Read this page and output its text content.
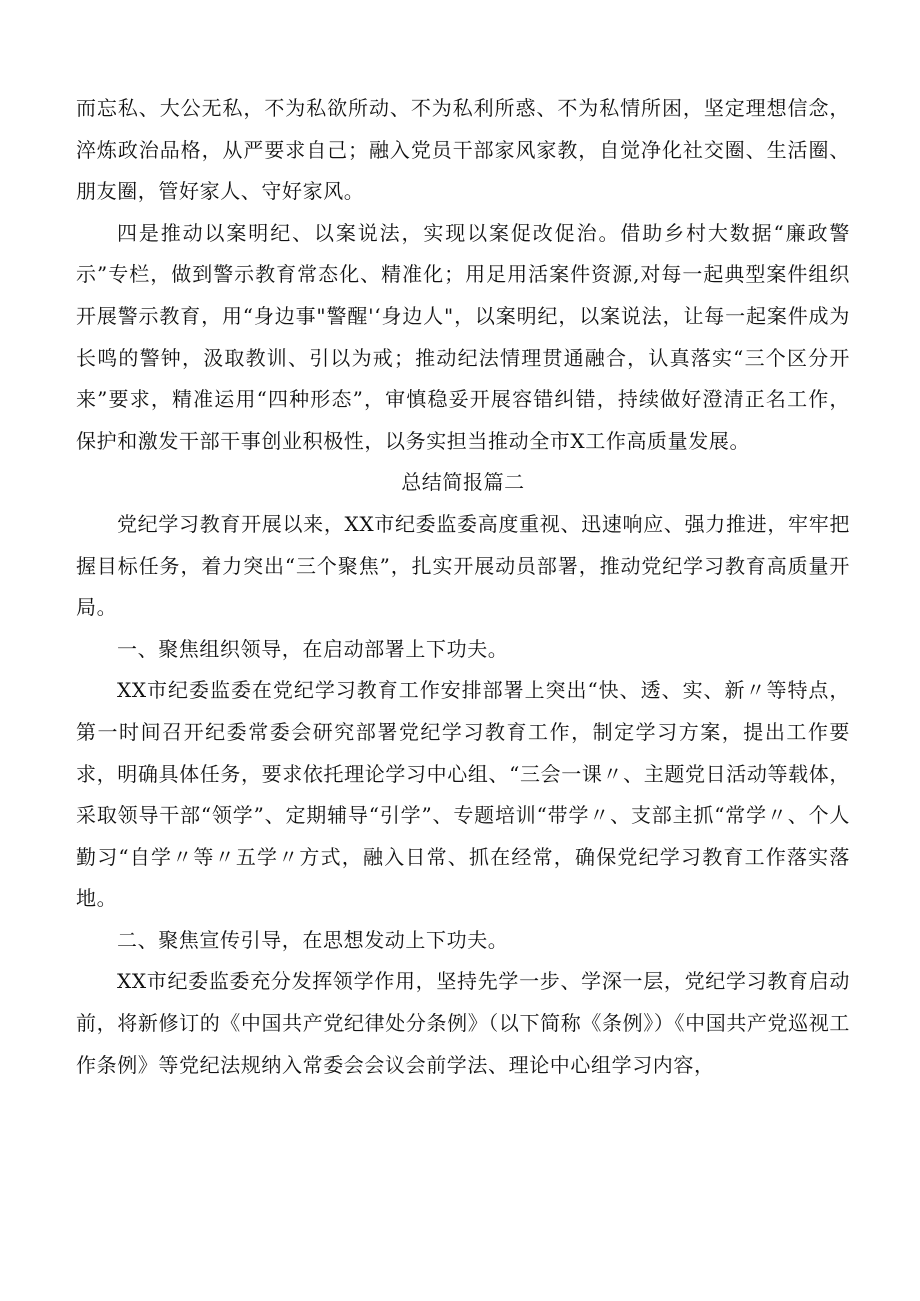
而忘私、大公无私，不为私欲所动、不为私利所惑、不为私情所困，坚定理想信念，淬炼政治品格，从严要求自己；融入党员干部家风家教，自觉净化社交圈、生活圈、朋友圈，管好家人、守好家风。

四是推动以案明纪、以案说法，实现以案促改促治。借助乡村大数据“廉政警示”专栏，做到警示教育常态化、精准化；用足用活案件资源,对每一起典型案件组织开展警示教育，用“身边事"警醒'‘身边人"，以案明纪，以案说法，让每一起案件成为长鸣的警钟，汲取教训、引以为戒；推动纪法情理贯通融合，认真落实“三个区分开来”要求，精准运用“四种形态”，审慎稳妥开展容错纠错，持续做好澄清正名工作，保护和激发干部干事创业积极性，以务实担当推动全市X工作高质量发展。

总结简报篇二

党纪学习教育开展以来，XX市纪委监委高度重视、迅速响应、强力推进，牢牢把握目标任务，着力突出“三个聚焦”，扎实开展动员部署，推动党纪学习教育高质量开局。

一、聚焦组织领导，在启动部署上下功夫。

XX市纪委监委在党纪学习教育工作安排部署上突出“快、透、实、新〃等特点，第一时间召开纪委常委会研究部署党纪学习教育工作，制定学习方案，提出工作要求，明确具体任务，要求依托理论学习中心组、“三会一课〃、主题党日活动等载体，采取领导干部“领学”、定期辅导“引学”、专题培训“带学〃、支部主抓“常学〃、个人勤习“自学〃等〃五学〃方式，融入日常、抓在经常，确保党纪学习教育工作落实落地。

二、聚焦宣传引导，在思想发动上下功夫。

XX市纪委监委充分发挥领学作用，坚持先学一步、学深一层，党纪学习教育启动前，将新修订的《中国共产党纪律处分条例》（以下简称《条例》）《中国共产党巡视工作条例》等党纪法规纳入常委会会议会前学法、理论中心组学习内容，
